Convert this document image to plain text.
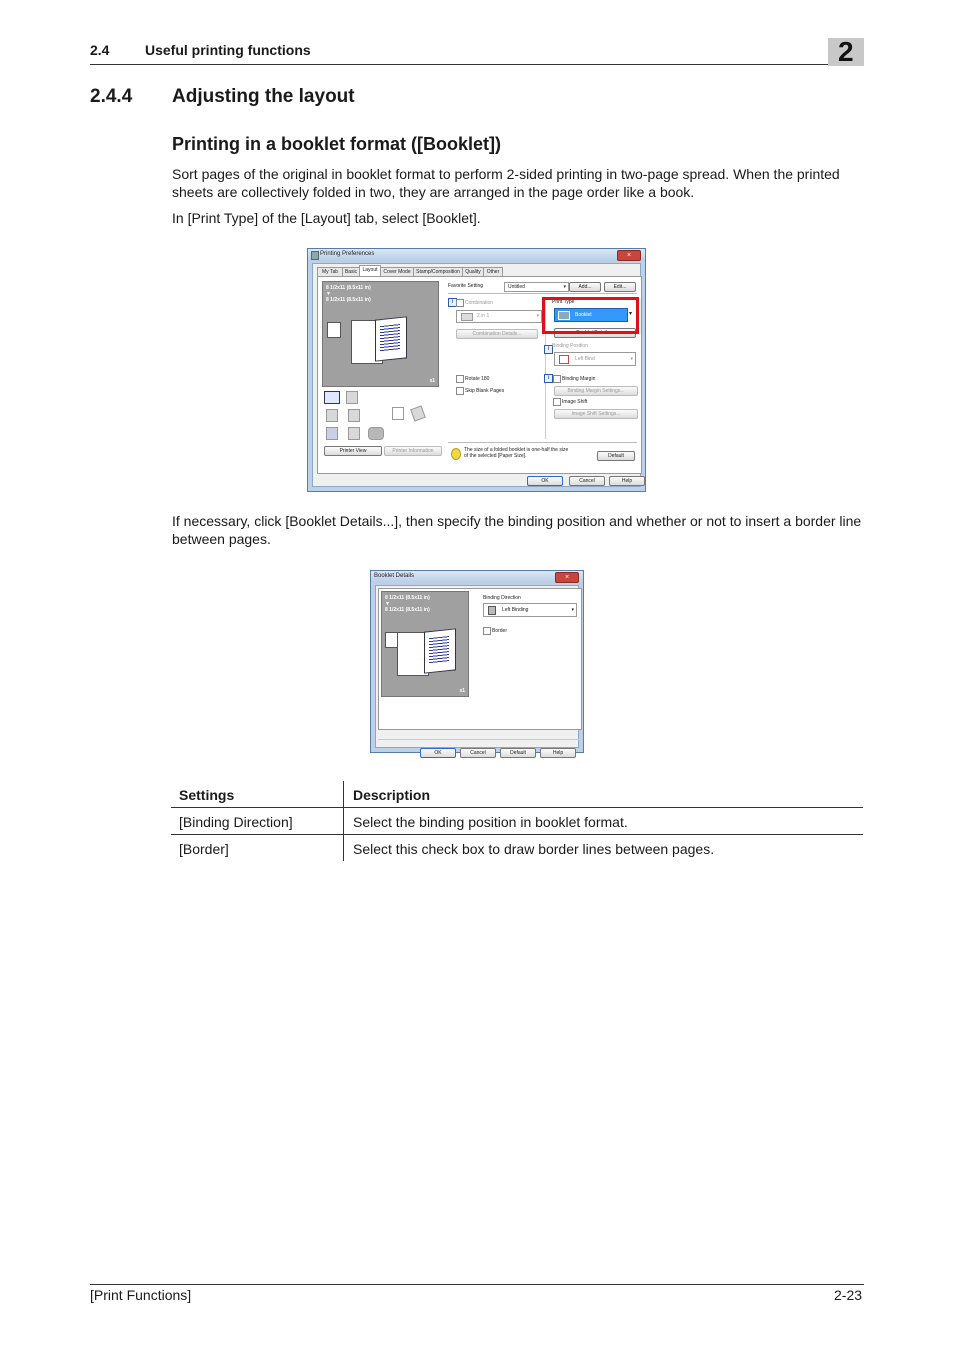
2.4	Useful printing functions	2
2.4.4 Adjusting the layout
Printing in a booklet format ([Booklet])
Sort pages of the original in booklet format to perform 2-sided printing in two-page spread. When the printed sheets are collectively folded in two, they are arranged in the page order like a book.
In [Print Type] of the [Layout] tab, select [Booklet].
Printing Preferences	×
My Tab	Basic	Layout	Cover Mode	Stamp/Composition	Quality	Other
8 1/2x11 (8.5x11 in)
▼
8 1/2x11 (8.5x11 in)
x1
Printer View	Printer Information
Favorite Setting	Untitled	▾	Add...	Edit...
i	Combination
2 in 1	▾
Combination Details...
Rotate 180
Skip Blank Pages
Print Type
Booklet	▾
Booklet Details...
i Binding Position
Left Bind	▾
i	Binding Margin
Binding Margin Settings...
Image Shift
Image Shift Settings...
The size of a folded booklet is one-half the size
of the selected [Paper Size].	Default
OK	Cancel	Help
If necessary, click [Booklet Details...], then specify the binding position and whether or not to insert a border line between pages.
Booklet Details	×
8 1/2x11 (8.5x11 in)
▼
8 1/2x11 (8.5x11 in)
x1
Binding Direction
Left Binding	▾
Border
OK	Cancel	Default	Help
Settings	Description
[Binding Direction]	Select the binding position in booklet format.
[Border]	Select this check box to draw border lines between pages.
[Print Functions]	2-23
